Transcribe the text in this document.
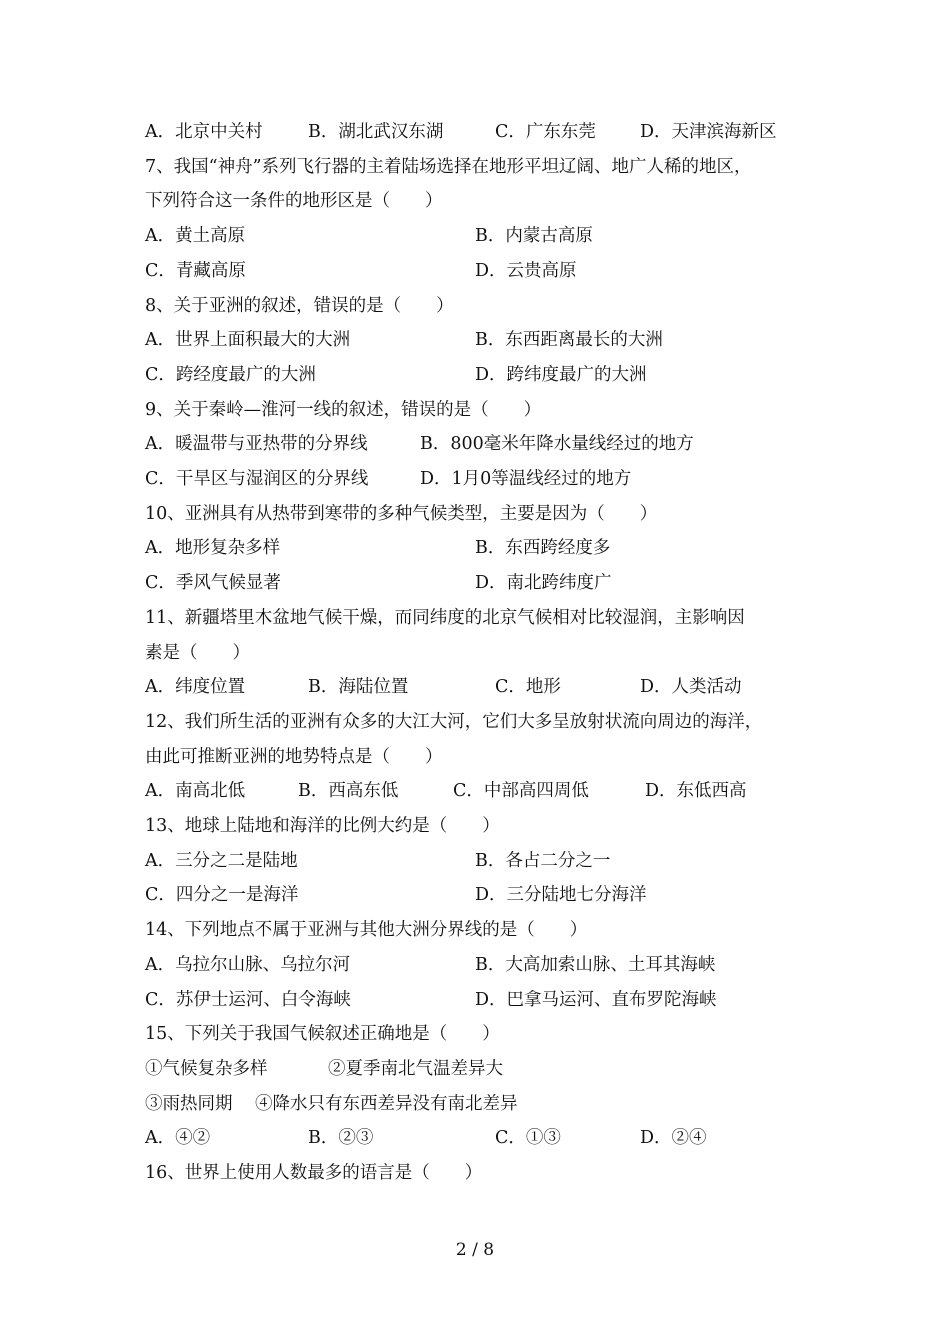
A．北京中关村	B．湖北武汉东湖	C．广东东莞	D．天津滨海新区
7、我国“神舟”系列飞行器的主着陆场选择在地形平坦辽阔、地广人稀的地区，
下列符合这一条件的地形区是（　　）
A．黄土高原	B．内蒙古高原
C．青藏高原	D．云贵高原
8、关于亚洲的叙述，错误的是（　　）
A．世界上面积最大的大洲	B．东西距离最长的大洲
C．跨经度最广的大洲	D．跨纬度最广的大洲
9、关于秦岭—淮河一线的叙述，错误的是（　　）
A．暖温带与亚热带的分界线	B．800毫米年降水量线经过的地方
C．干旱区与湿润区的分界线	D．1月0等温线经过的地方
10、亚洲具有从热带到寒带的多种气候类型，主要是因为（　　）
A．地形复杂多样	B．东西跨经度多
C．季风气候显著	D．南北跨纬度广
11、新疆塔里木盆地气候干燥，而同纬度的北京气候相对比较湿润，主影响因
素是（　　）
A．纬度位置	B．海陆位置	C．地形	D．人类活动
12、我们所生活的亚洲有众多的大江大河，它们大多呈放射状流向周边的海洋，
由此可推断亚洲的地势特点是（　　）
A．南高北低	B．西高东低	C．中部高四周低	D．东低西高
13、地球上陆地和海洋的比例大约是（　　）
A．三分之二是陆地	B．各占二分之一
C．四分之一是海洋	D．三分陆地七分海洋
14、下列地点不属于亚洲与其他大洲分界线的是（　　）
A．乌拉尔山脉、乌拉尔河	B．大高加索山脉、土耳其海峡
C．苏伊士运河、白令海峡	D．巴拿马运河、直布罗陀海峡
15、下列关于我国气候叙述正确地是（　　）
①气候复杂多样	②夏季南北气温差异大
③雨热同期 ④降水只有东西差异没有南北差异
A．④②	B．②③	C．①③	D．②④
16、世界上使用人数最多的语言是（　　）
2 / 8
